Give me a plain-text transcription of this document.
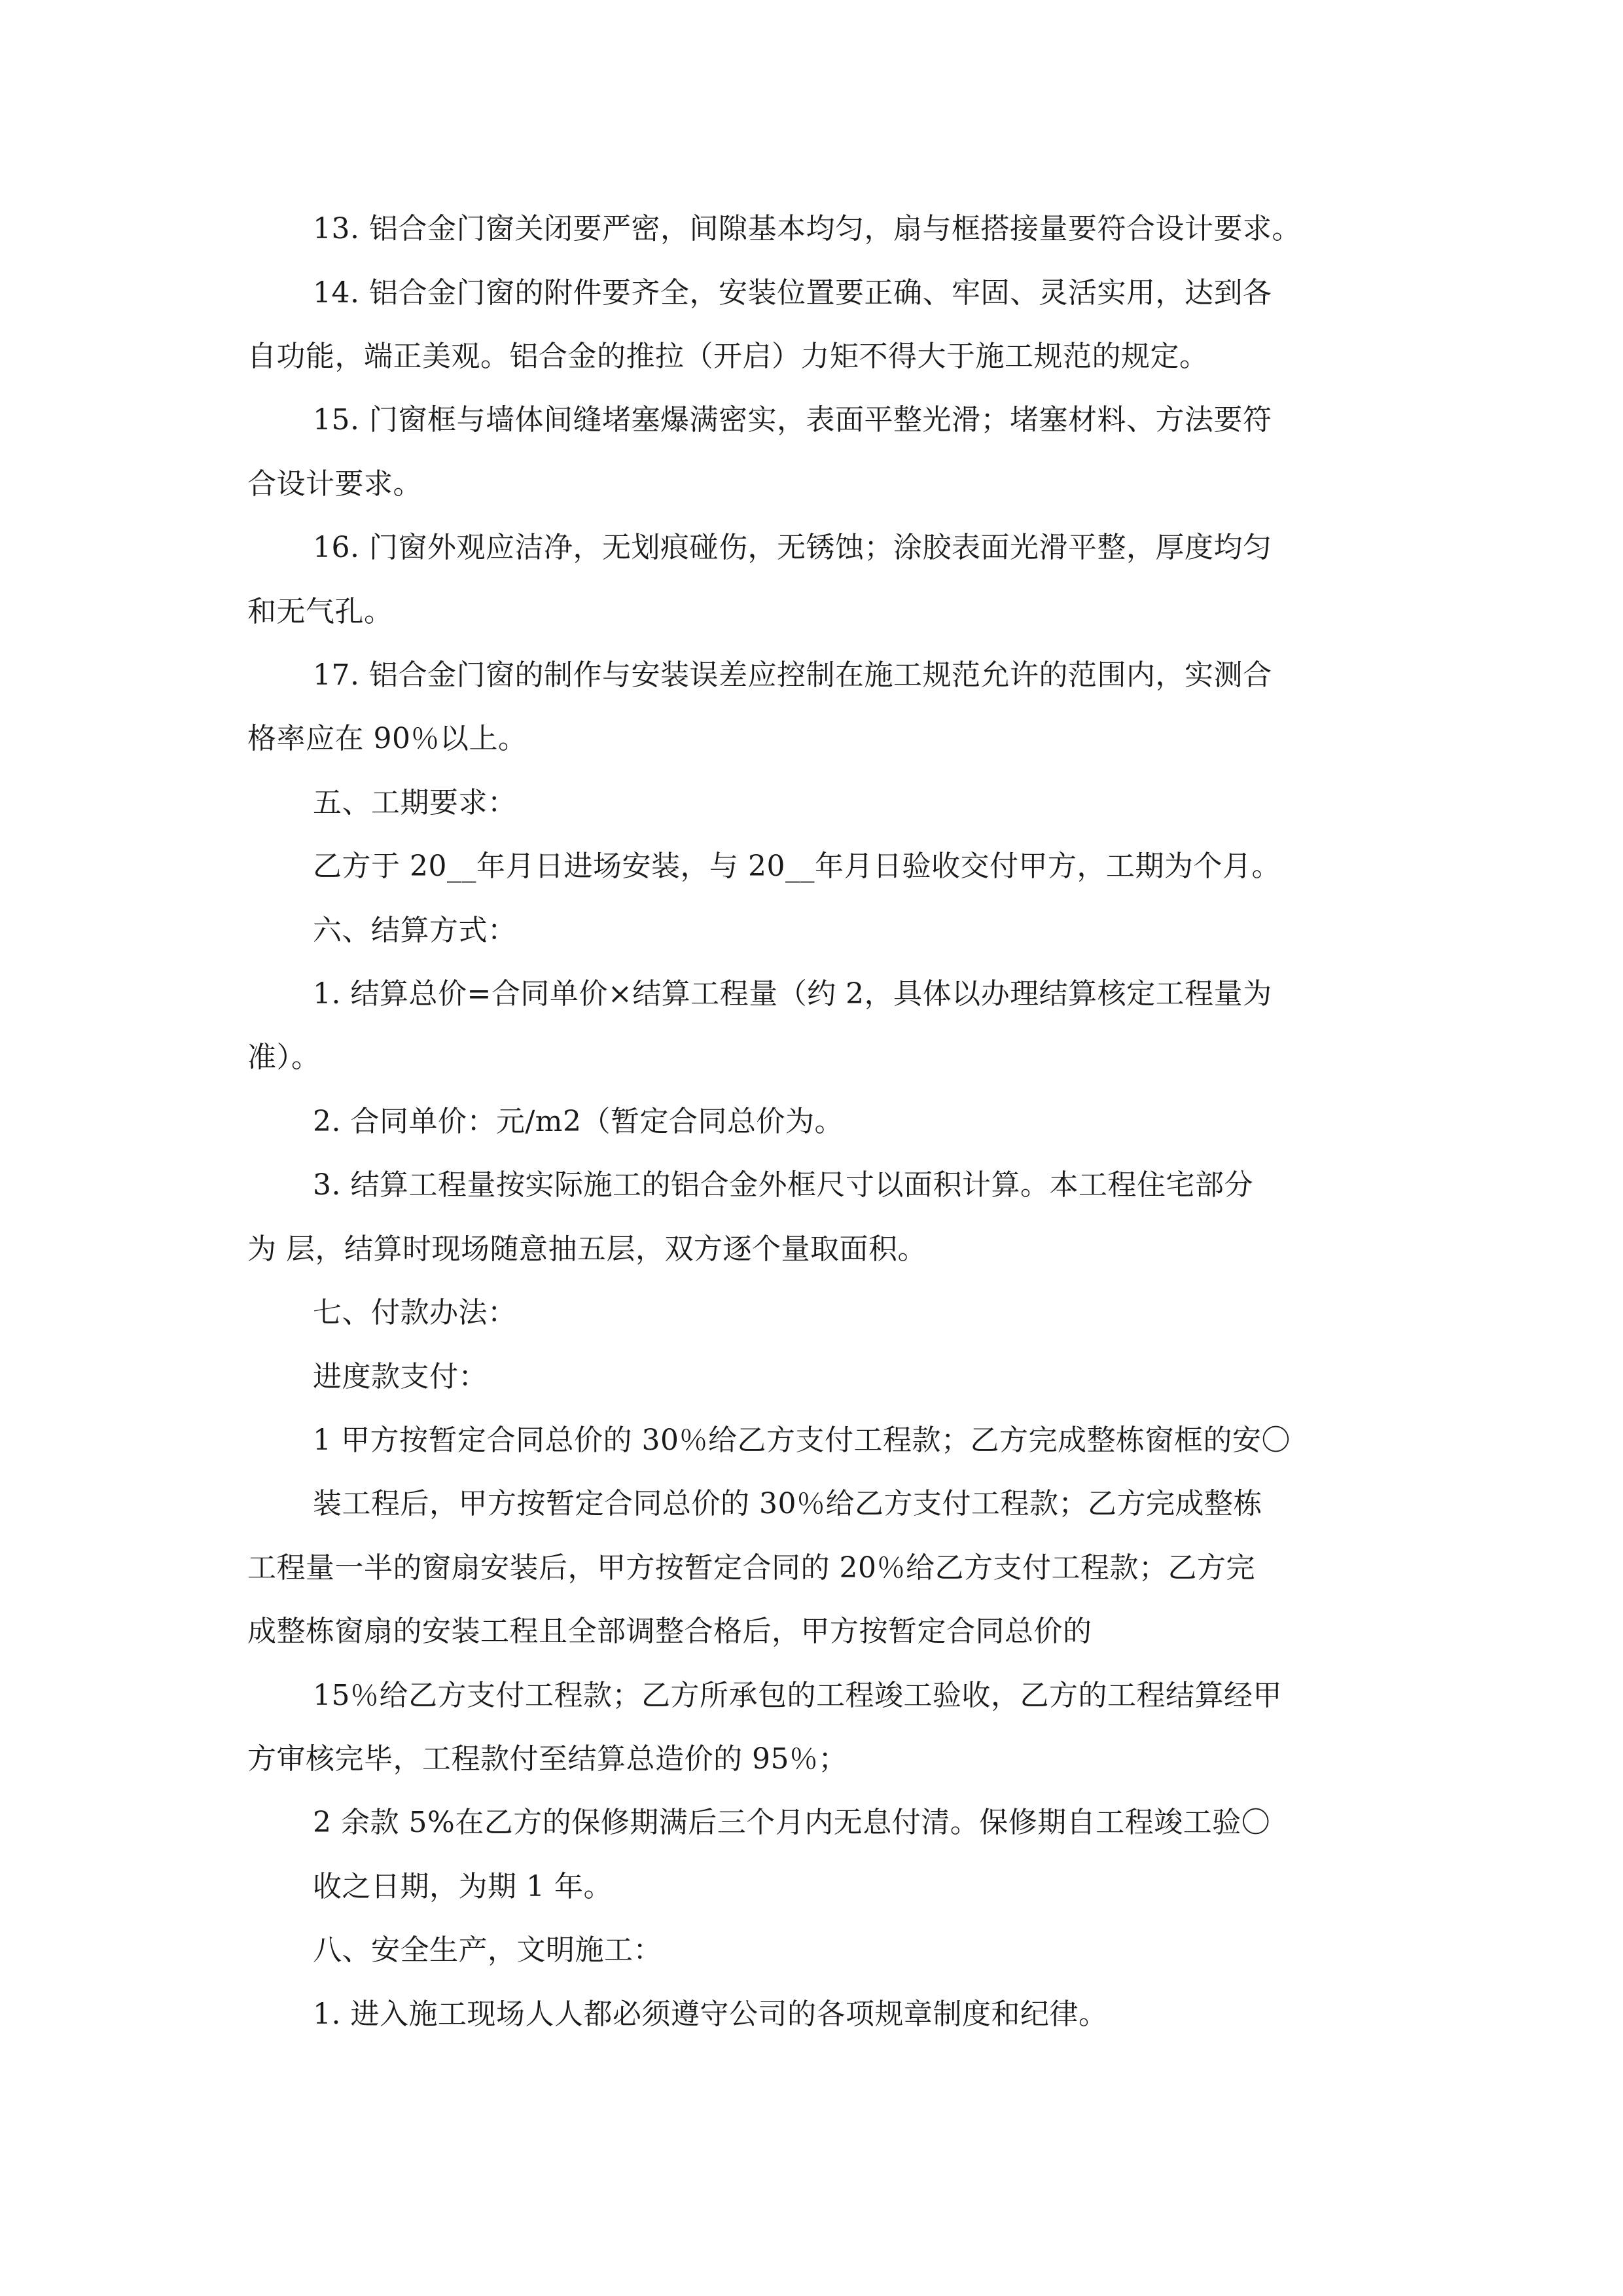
13. 铝合金门窗关闭要严密，间隙基本均匀，扇与框搭接量要符合设计要求。
14. 铝合金门窗的附件要齐全，安装位置要正确、牢固、灵活实用，达到各
自功能，端正美观。铝合金的推拉（开启）力矩不得大于施工规范的规定。
15. 门窗框与墙体间缝堵塞爆满密实，表面平整光滑；堵塞材料、方法要符
合设计要求。
16. 门窗外观应洁净，无划痕碰伤，无锈蚀；涂胶表面光滑平整，厚度均匀
和无气孔。
17. 铝合金门窗的制作与安装误差应控制在施工规范允许的范围内，实测合
格率应在 90％以上。
五、工期要求：
乙方于 20__年月日进场安装，与 20__年月日验收交付甲方，工期为个月。
六、结算方式：
1. 结算总价=合同单价×结算工程量（约 2，具体以办理结算核定工程量为
准）。
2. 合同单价：元/m2（暂定合同总价为。
3. 结算工程量按实际施工的铝合金外框尺寸以面积计算。本工程住宅部分
为 层，结算时现场随意抽五层，双方逐个量取面积。
七、付款办法：
进度款支付：
1 甲方按暂定合同总价的 30％给乙方支付工程款；乙方完成整栋窗框的安〇
装工程后，甲方按暂定合同总价的 30％给乙方支付工程款；乙方完成整栋
工程量一半的窗扇安装后，甲方按暂定合同的 20％给乙方支付工程款；乙方完
成整栋窗扇的安装工程且全部调整合格后，甲方按暂定合同总价的
15％给乙方支付工程款；乙方所承包的工程竣工验收，乙方的工程结算经甲
方审核完毕，工程款付至结算总造价的 95％；
2 余款 5%在乙方的保修期满后三个月内无息付清。保修期自工程竣工验〇
收之日期，为期 1 年。
八、安全生产，文明施工：
1. 进入施工现场人人都必须遵守公司的各项规章制度和纪律。
